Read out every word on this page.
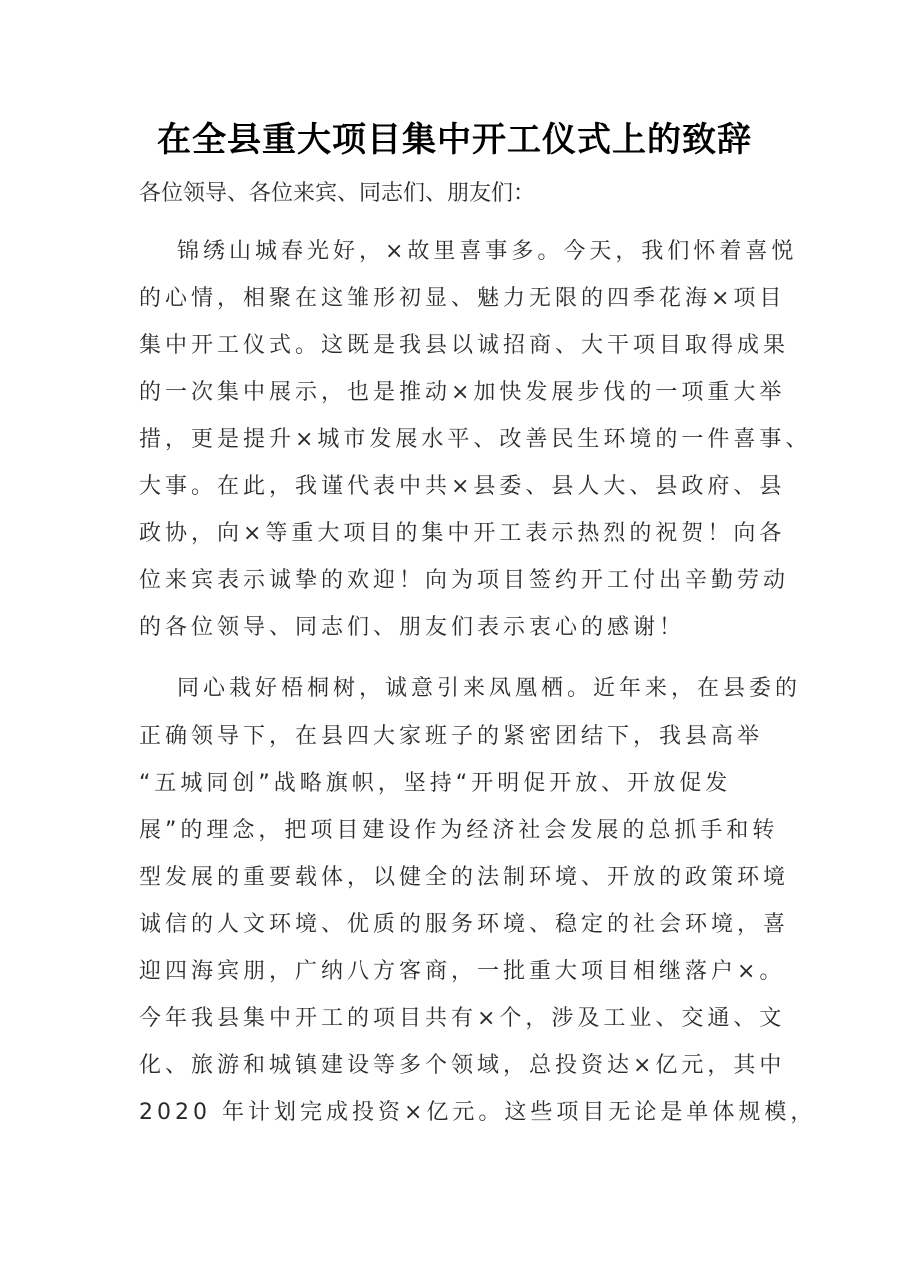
在全县重大项目集中开工仪式上的致辞
各位领导、各位来宾、同志们、朋友们：
锦绣山城春光好，×故里喜事多。今天，我们怀着喜悦
的心情，相聚在这雏形初显、魅力无限的四季花海×项目
集中开工仪式。这既是我县以诚招商、大干项目取得成果
的一次集中展示，也是推动×加快发展步伐的一项重大举
措，更是提升×城市发展水平、改善民生环境的一件喜事、
大事。在此，我谨代表中共×县委、县人大、县政府、县
政协，向×等重大项目的集中开工表示热烈的祝贺！向各
位来宾表示诚挚的欢迎！向为项目签约开工付出辛勤劳动
的各位领导、同志们、朋友们表示衷心的感谢！
同心栽好梧桐树，诚意引来凤凰栖。近年来，在县委的
正确领导下，在县四大家班子的紧密团结下，我县高举
“五城同创”战略旗帜，坚持“开明促开放、开放促发
展”的理念，把项目建设作为经济社会发展的总抓手和转
型发展的重要载体，以健全的法制环境、开放的政策环境
诚信的人文环境、优质的服务环境、稳定的社会环境，喜
迎四海宾朋，广纳八方客商，一批重大项目相继落户×。
今年我县集中开工的项目共有×个，涉及工业、交通、文
化、旅游和城镇建设等多个领域，总投资达×亿元，其中
2020 年计划完成投资×亿元。这些项目无论是单体规模，
